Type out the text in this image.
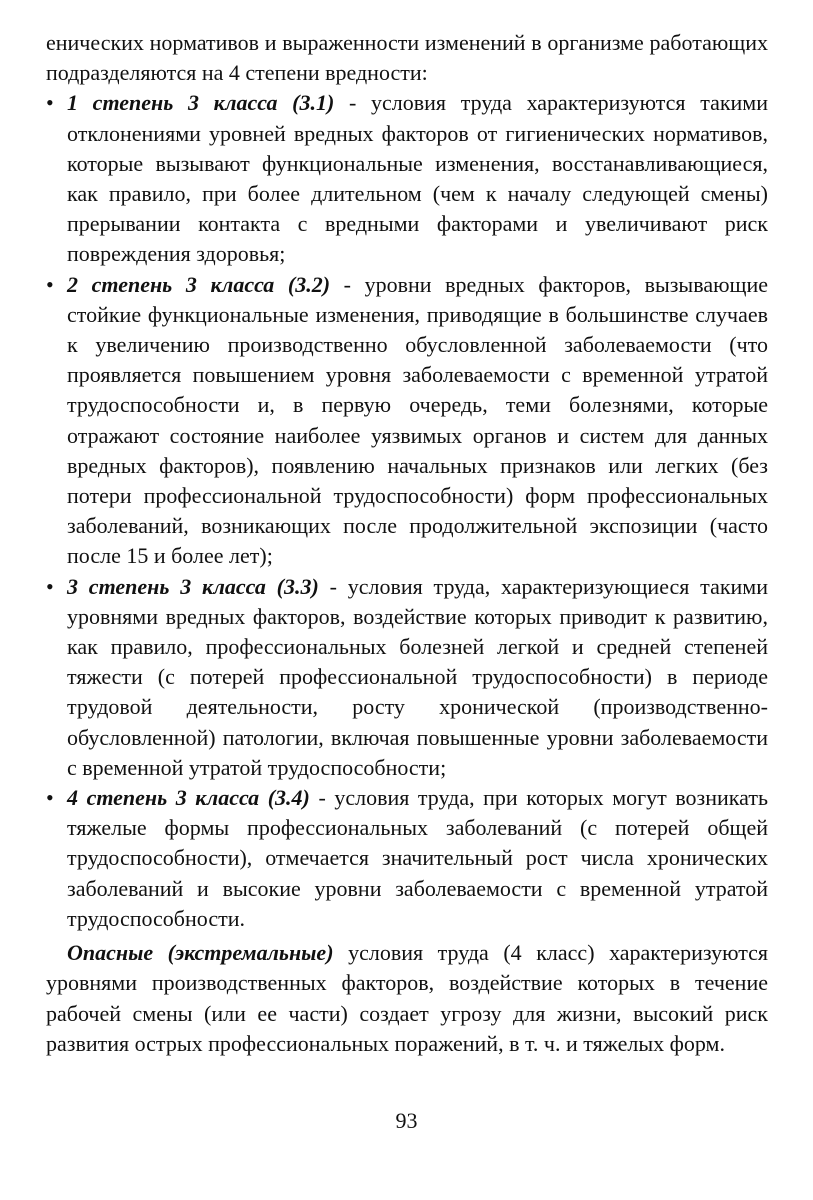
енических нормативов и выраженности изменений в организме работающих подразделяются на 4 степени вредности:

• 1 степень 3 класса (3.1) - условия труда характеризуются такими отклонениями уровней вредных факторов от гигиенических нормативов, которые вызывают функциональные изменения, восстанавливающиеся, как правило, при более длительном (чем к началу следующей смены) прерывании контакта с вредными факторами и увеличивают риск повреждения здоровья;
• 2 степень 3 класса (3.2) - уровни вредных факторов, вызывающие стойкие функциональные изменения, приводящие в большинстве случаев к увеличению производственно обусловленной заболеваемости (что проявляется повышением уровня заболеваемости с временной утратой трудоспособности и, в первую очередь, теми болезнями, которые отражают состояние наиболее уязвимых органов и систем для данных вредных факторов), появлению начальных признаков или легких (без потери профессиональной трудоспособности) форм профессиональных заболеваний, возникающих после продолжительной экспозиции (часто после 15 и более лет);
• 3 степень 3 класса (3.3) - условия труда, характеризующиеся такими уровнями вредных факторов, воздействие которых приводит к развитию, как правило, профессиональных болезней легкой и средней степеней тяжести (с потерей профессиональной трудоспособности) в периоде трудовой деятельности, росту хронической (производственно-обусловленной) патологии, включая повышенные уровни заболеваемости с временной утратой трудоспособности;
• 4 степень 3 класса (3.4) - условия труда, при которых могут возникать тяжелые формы профессиональных заболеваний (с потерей общей трудоспособности), отмечается значительный рост числа хронических заболеваний и высокие уровни заболеваемости с временной утратой трудоспособности.

Опасные (экстремальные) условия труда (4 класс) характеризуются уровнями производственных факторов, воздействие которых в течение рабочей смены (или ее части) создает угрозу для жизни, высокий риск развития острых профессиональных поражений, в т. ч. и тяжелых форм.

93
